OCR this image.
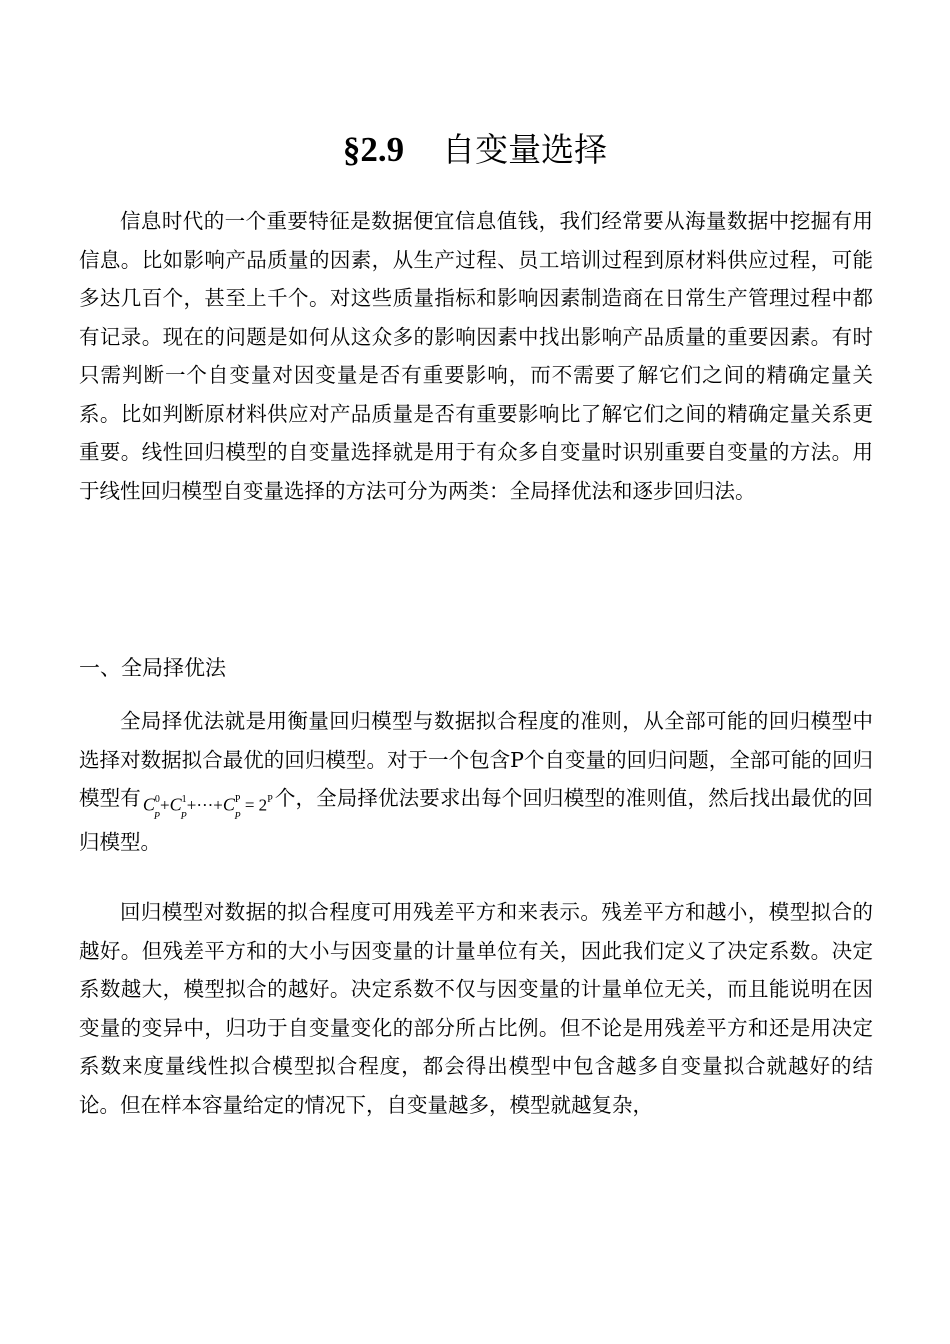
§2.9 自变量选择

信息时代的一个重要特征是数据便宜信息值钱，我们经常要从海量数据中挖掘有用信息。比如影响产品质量的因素，从生产过程、员工培训过程到原材料供应过程，可能多达几百个，甚至上千个。对这些质量指标和影响因素制造商在日常生产管理过程中都有记录。现在的问题是如何从这众多的影响因素中找出影响产品质量的重要因素。有时只需判断一个自变量对因变量是否有重要影响，而不需要了解它们之间的精确定量关系。比如判断原材料供应对产品质量是否有重要影响比了解它们之间的精确定量关系更重要。线性回归模型的自变量选择就是用于有众多自变量时识别重要自变量的方法。用于线性回归模型自变量选择的方法可分为两类：全局择优法和逐步回归法。

一、全局择优法

全局择优法就是用衡量回归模型与数据拟合程度的准则，从全部可能的回归模型中选择对数据拟合最优的回归模型。对于一个包含P个自变量的回归问题，全部可能的回归模型有 $C^0_P+C^1_P+\cdot\cdot\cdot+C^P_P = 2^P$个，全局择优法要求出每个回归模型的准则值，然后找出最优的回归模型。

回归模型对数据的拟合程度可用残差平方和来表示。残差平方和越小，模型拟合的越好。但残差平方和的大小与因变量的计量单位有关，因此我们定义了决定系数。决定系数越大，模型拟合的越好。决定系数不仅与因变量的计量单位无关，而且能说明在因变量的变异中，归功于自变量变化的部分所占比例。但不论是用残差平方和还是用决定系数来度量线性拟合模型拟合程度，都会得出模型中包含越多自变量拟合就越好的结论。但在样本容量给定的情况下，自变量越多，模型就越复杂，
